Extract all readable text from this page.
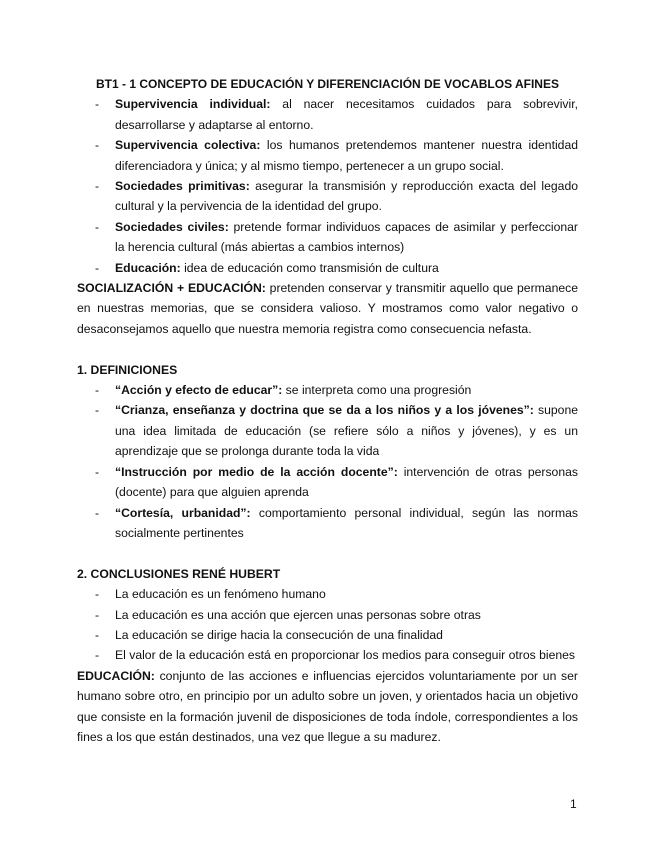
BT1 - 1 CONCEPTO DE EDUCACIÓN Y DIFERENCIACIÓN DE VOCABLOS AFINES

- Supervivencia individual: al nacer necesitamos cuidados para sobrevivir, desarrollarse y adaptarse al entorno.
- Supervivencia colectiva: los humanos pretendemos mantener nuestra identidad diferenciadora y única; y al mismo tiempo, pertenecer a un grupo social.
- Sociedades primitivas: asegurar la transmisión y reproducción exacta del legado cultural y la pervivencia de la identidad del grupo.
- Sociedades civiles: pretende formar individuos capaces de asimilar y perfeccionar la herencia cultural (más abiertas a cambios internos)
- Educación: idea de educación como transmisión de cultura

SOCIALIZACIÓN + EDUCACIÓN: pretenden conservar y transmitir aquello que permanece en nuestras memorias, que se considera valioso. Y mostramos como valor negativo o desaconsejamos aquello que nuestra memoria registra como consecuencia nefasta.

1. DEFINICIONES

- “Acción y efecto de educar”: se interpreta como una progresión
- “Crianza, enseñanza y doctrina que se da a los niños y a los jóvenes”: supone una idea limitada de educación (se refiere sólo a niños y jóvenes), y es un aprendizaje que se prolonga durante toda la vida
- “Instrucción por medio de la acción docente”: intervención de otras personas (docente) para que alguien aprenda
- “Cortesía, urbanidad”: comportamiento personal individual, según las normas socialmente pertinentes

2. CONCLUSIONES RENÉ HUBERT

- La educación es un fenómeno humano
- La educación es una acción que ejercen unas personas sobre otras
- La educación se dirige hacia la consecución de una finalidad
- El valor de la educación está en proporcionar los medios para conseguir otros bienes

EDUCACIÓN: conjunto de las acciones e influencias ejercidos voluntariamente por un ser humano sobre otro, en principio por un adulto sobre un joven, y orientados hacia un objetivo que consiste en la formación juvenil de disposiciones de toda índole, correspondientes a los fines a los que están destinados, una vez que llegue a su madurez.

1
